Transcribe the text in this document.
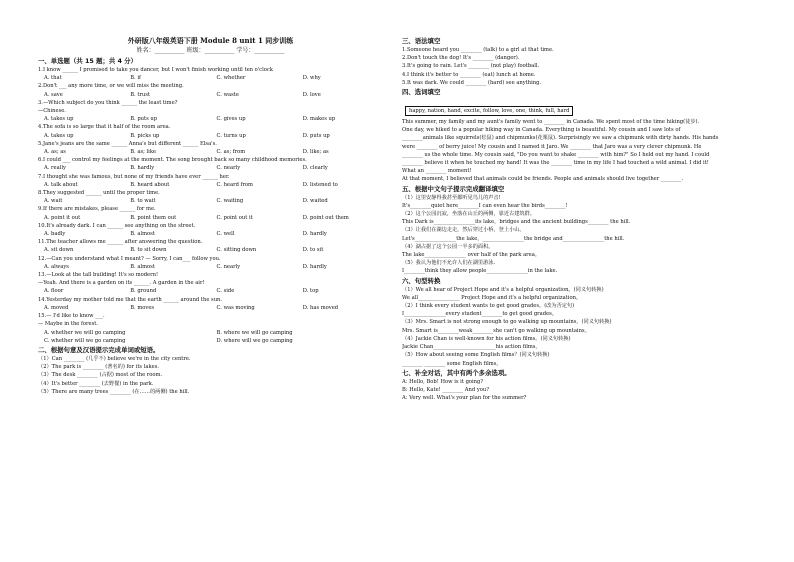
外研版八年级英语下册 Module 8 unit 1 同步训练
姓名：__________ 班级：__________ 学号：__________
一、单选题（共 15 题；共 4 分）
1.I know ______ I promised to take you dancer, but I won't finish working until ten o'clock
A. that	B. if	C. whether	D. why
2.Don't ___ any more time, or we will miss the meeting.
A. save	B. trust	C. waste	D. love
3.—Which subject do you think ______ the least time?
—Chinese.
A. takes up	B. puts up	C. gives up	D. makes up
4.The sofa is so large that it half of the room area.
A. takes up	B. picks up	C. turns up	D. puts up
5.Jane's jeans are the same ______ Anna's but different ______ Elsa's.
A. as; as	B. as; like	C. as; from	D. like; as
6.I could ___ control my feelings at the moment. The song brought back so many childhood memories.
A. really	B. hardly	C. nearly	D. clearly
7.I thought she was famous, but none of my friends have ever ______ her.
A. talk about	B. heard about	C. heard from	D. listened to
8.They suggested ______ until the proper time.
A. wait	B. to wait	C. waiting	D. waited
9.If there are mistakes, please ______ for me.
A. point it out	B. point them out	C. point out it	D. point out them
10.It's already dark. I can ______ see anything on the street.
A. badly	B. almost	C. well	D. hardly
11.The teacher allows me ______ after answering the question.
A. sit down	B. to sit down	C. sitting down	D. to sit
12.—Can you understand what I meant? — Sorry, I can___ follow you.
A. always	B. almost	C. nearly	D. hardly
13.—Look at the tall building! It's so modern!
—Yeah. And there is a garden on its ______. A garden in the air!
A. floor	B. ground	C. side	D. top
14.Yesterday my mother told me that the earth ______ around the sun.
A. moved	B. moves	C. was moving	D. has moved
15.— I'd like to know ___.
— Maybe in the forest.
A. whether we will go camping	B. where we will go camping
C. whether will we go camping	D. where will we go camping
二、根据句意及汉语提示完成单词或短语。
（1）Can ________ (几乎不) believe we're in the city centre.
（2）The park is ________ (著名的) for its lakes.
（3）The desk ________ (占据) most of the room.
（4）It's better ________ (去野餐) in the park.
（5）There are many trees ________ (在……的两侧) the hill.
三、语法填空
1.Someone heard you ________ (talk) to a girl at that time.
2.Don't touch the dog! It's ________ (danger).
3.It's going to rain. Let's ________ (not play) football.
4.I think it's better to ________ (eat) lunch at home.
5.It was dark. We could ________ (hard) see anything.
四、选词填空
happy, nation, hand, excite, follow, love, one, think, full, hard
This summer, my family and my aunt's family went to ________ in Canada. We spent most of the time hiking(徒步).
One day, we hiked to a popular hiking way in Canada. Everything is beautiful. My cousin and I saw lots of
________animals like squirrels(松鼠) and chipmunks(花栗鼠). Surprisingly we saw a chipmunk with dirty hands. His hands
were ________ of berry juice! My cousin and I named it Jaro. We ________ that Jaro was a very clever chipmunk. He
________ us the whole time. My cousin said, "Do you want to shake ________ with him?" So I held out my hand. I could
________ believe it when he touched my hand! It was the ________ time in my life I had touched a wild animal. I did it!
What an ________ moment!
At that moment, I believed that animals could be friends. People and animals should live together ________.
五、根据中文句子提示完成翻译填空
（1）这里安静得我甚至都听见鸟儿的声音!
It's________quiet here________I can even hear the birds________!
（2）这个公园沉寂，坐落在山丘的两侧，靠近古建筑群。
This Dark is________________its lake，bridges and the ancient buildings________ the hill.
（3）让我们在湖边走走，然后穿过小桥，登上小山。
Let's________________the lake，________________the bridge and________________the hill.
（4）湖占据了这个公园一半多的面积。
The lake________________ over half of the park area。
（5）我认为他们不允许人们在湖里游泳.
I________think they allow people________________in the lake.
六、句型转换
（1）We all hear of Project Hope and it's a helpful organization。(同义句转换)
We all________________ Project Hope and it's a helpful organization。
（2）I think every student wants to get good grades。(改为否定句)
I________________every student________to get good grades。
（3）Mrs. Smart is not strong enough to go walking up mountains。(同义句转换)
Mrs. Smart is________weak________she can't go walking up mountains。
（4）Jackie Chan is well-known for his action films。(同义句转换)
Jackie Chan________________________his action films。
（5）How about seeing some English films？(同义句转换)
________ ________ some English films。
七、补全对话，其中有两个多余选项。
A: Hello, Bob! How is it going?
B: Hello, Kate! ________ And you?
A: Very well. What's your plan for the summer?
